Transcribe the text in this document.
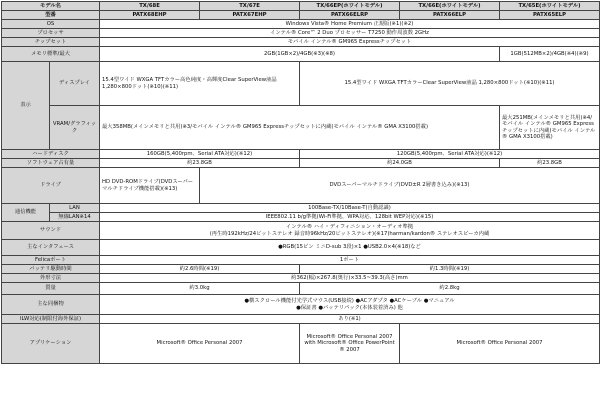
モデル名		TX/68E	TX/67E	TX/66EP(ホワイトモデル)	TX/66E(ホワイトモデル)	TX/65E(ホワイトモデル)
型番		PATX68EHP	PATX67EHP	PATX66ELRP	PATX66ELP	PATX65ELP
OS		Windows Vista® Home Premium 正規版(※1)(※2)				
プロセッサ		インテル® Core™ 2 Duo プロセッサー T7250 動作周波数 2GHz				
チップセット		モバイル インテル® GM965 Expressチップセット				
メモリ標準/最大		2GB(1GB×2)/4GB(※3)(※8)				1GB(512MB×2)/4GB(※4)(※9)
表示	ディスプレイ	15.4型ワイド WXGA TFTカラー高色純度・高輝度Clear SuperView液晶 1,280×800ドット(※10)(※11)		15.4型ワイド WXGA TFTカラーClear SuperView液晶 1,280×800ドット(※10)(※11)		
	VRAM/グラフィック	最大358MB(メインメモリと共用)※3/モバイル インテル® GM965 Expressチップセットに内蔵(モバイル インテル® GMA X3100搭載)				最大251MB(メインメモリと共用)※4/モバイル インテル® GM965 Expressチップセットに内蔵(モバイル インテル® GMA X3100搭載)
ハードディスク		160GB(5,400rpm、Serial ATA対応)(※12)		120GB(5,400rpm、Serial ATA対応)(※12)		
ソフトウェア占有量		約23.8GB		約24.0GB		約23.8GB
ドライブ		HD DVD-ROMドライブ(DVDスーパーマルチドライブ機能搭載)(※13)	DVDスーパーマルチドライブ(DVD±R 2層書き込み)(※13)			
通信機能	LAN	100Base-TX/10Base-T(自動認識)				
	無線LAN※14	IEEE802.11 b/g準拠(Wi-Fi準拠、WPA対応、128bit WEP対応)(※15)				
サウンド		インテル® ハイ・ディフィニション・オーディオ準拠
(再生時192kHz/24ビットステレオ 録音時96kHz/20ビットステレオ)(※17)harman/kardon® ステレオスピーカ内蔵				

主なインタフェース		●RGB(15ピン ミニD-sub 3段)×1 ●USB2.0×4(※18)など				
Felicaポート		1ポート				
バッテリ駆動時間		約2.6時間(※19)		約1.3時間(※19)		
外形寸法		約362(幅)×267.8(奥行)×33.5~39.3(高さ)mm				
質量		約3.0kg		約2.8kg		
主な同梱物		●横スクロール機能付光学式マウス(USB接続) ●ACアダプタ ●ACケーブル ●マニュアル
●保証書 ●バッテリパック(本体装着済み) 他				

ILW対応(制限付海外保証)		あり(※1)				
アプリケーション		Microsoft® Office Personal 2007		Microsoft® Office Personal 2007 with Microsoft® Office PowerPoint ® 2007	Microsoft® Office Personal 2007	
